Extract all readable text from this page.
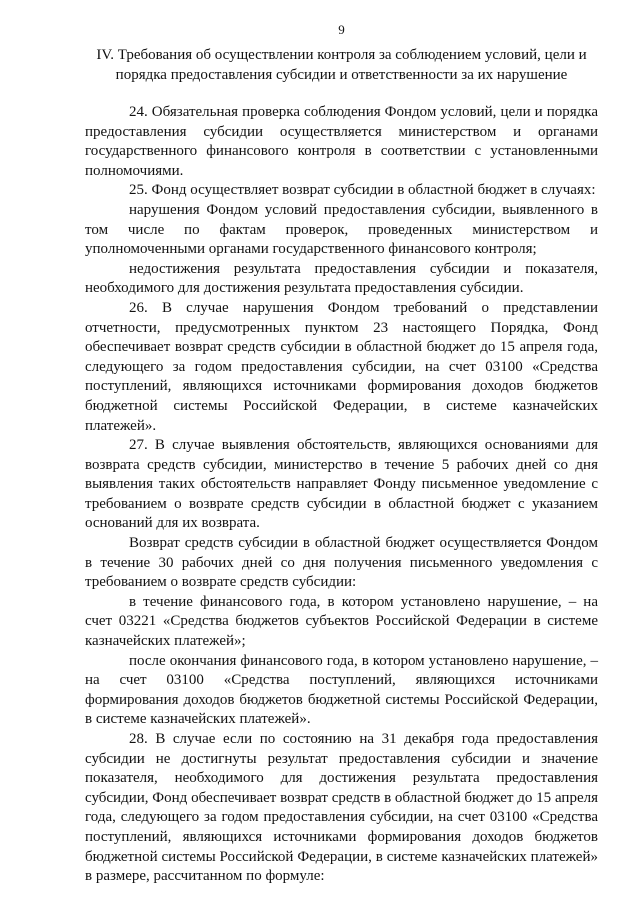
9
IV. Требования об осуществлении контроля за соблюдением условий, цели и порядка предоставления субсидии и ответственности за их нарушение

24. Обязательная проверка соблюдения Фондом условий, цели и порядка предоставления субсидии осуществляется министерством и органами государственного финансового контроля в соответствии с установленными полномочиями.

25. Фонд осуществляет возврат субсидии в областной бюджет в случаях:

нарушения Фондом условий предоставления субсидии, выявленного в том числе по фактам проверок, проведенных министерством и уполномоченными органами государственного финансового контроля;

недостижения результата предоставления субсидии и показателя, необходимого для достижения результата предоставления субсидии.

26. В случае нарушения Фондом требований о представлении отчетности, предусмотренных пунктом 23 настоящего Порядка, Фонд обеспечивает возврат средств субсидии в областной бюджет до 15 апреля года, следующего за годом предоставления субсидии, на счет 03100 «Средства поступлений, являющихся источниками формирования доходов бюджетов бюджетной системы Российской Федерации, в системе казначейских платежей».

27. В случае выявления обстоятельств, являющихся основаниями для возврата средств субсидии, министерство в течение 5 рабочих дней со дня выявления таких обстоятельств направляет Фонду письменное уведомление с требованием о возврате средств субсидии в областной бюджет с указанием оснований для их возврата.

Возврат средств субсидии в областной бюджет осуществляется Фондом в течение 30 рабочих дней со дня получения письменного уведомления с требованием о возврате средств субсидии:

в течение финансового года, в котором установлено нарушение, – на счет 03221 «Средства бюджетов субъектов Российской Федерации в системе казначейских платежей»;

после окончания финансового года, в котором установлено нарушение, – на счет 03100 «Средства поступлений, являющихся источниками формирования доходов бюджетов бюджетной системы Российской Федерации, в системе казначейских платежей».

28. В случае если по состоянию на 31 декабря года предоставления субсидии не достигнуты результат предоставления субсидии и значение показателя, необходимого для достижения результата предоставления субсидии, Фонд обеспечивает возврат средств в областной бюджет до 15 апреля года, следующего за годом предоставления субсидии, на счет 03100 «Средства поступлений, являющихся источниками формирования доходов бюджетов бюджетной системы Российской Федерации, в системе казначейских платежей» в размере, рассчитанном по формуле:
